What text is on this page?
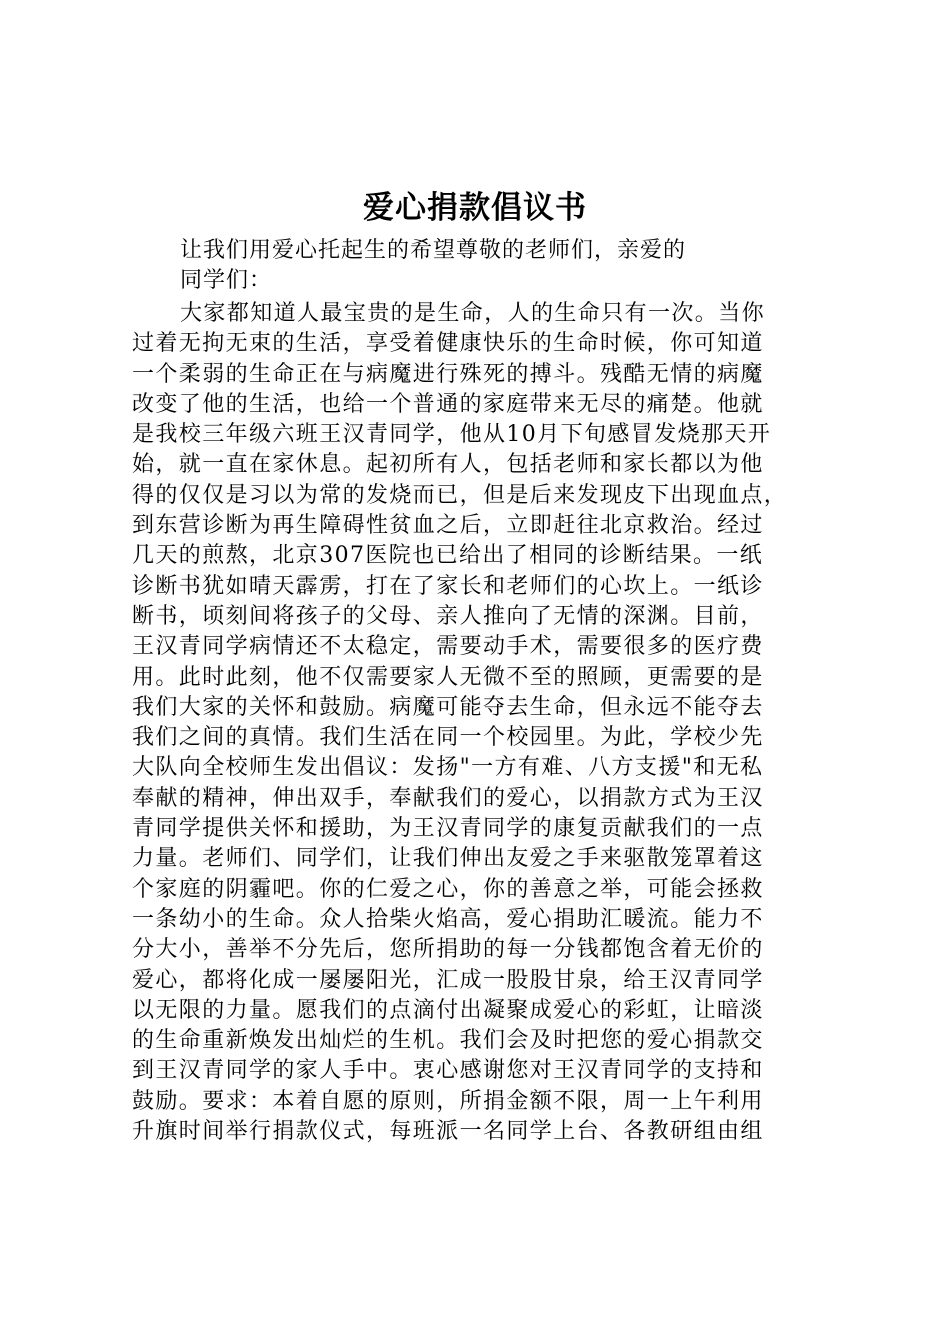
爱心捐款倡议书

让我们用爱心托起生的希望尊敬的老师们，亲爱的

同学们：

大家都知道人最宝贵的是生命，人的生命只有一次。当你

过着无拘无束的生活，享受着健康快乐的生命时候，你可知道

一个柔弱的生命正在与病魔进行殊死的搏斗。残酷无情的病魔

改变了他的生活，也给一个普通的家庭带来无尽的痛楚。他就

是我校三年级六班王汉青同学，他从10月下旬感冒发烧那天开

始，就一直在家休息。起初所有人，包括老师和家长都以为他

得的仅仅是习以为常的发烧而已，但是后来发现皮下出现血点，

到东营诊断为再生障碍性贫血之后，立即赶往北京救治。经过

几天的煎熬，北京307医院也已给出了相同的诊断结果。一纸

诊断书犹如晴天霹雳，打在了家长和老师们的心坎上。一纸诊

断书，顷刻间将孩子的父母、亲人推向了无情的深渊。目前，

王汉青同学病情还不太稳定，需要动手术，需要很多的医疗费

用。此时此刻，他不仅需要家人无微不至的照顾，更需要的是

我们大家的关怀和鼓励。病魔可能夺去生命，但永远不能夺去

我们之间的真情。我们生活在同一个校园里。为此，学校少先

大队向全校师生发出倡议：发扬"一方有难、八方支援"和无私

奉献的精神，伸出双手，奉献我们的爱心，以捐款方式为王汉

青同学提供关怀和援助，为王汉青同学的康复贡献我们的一点

力量。老师们、同学们，让我们伸出友爱之手来驱散笼罩着这

个家庭的阴霾吧。你的仁爱之心，你的善意之举，可能会拯救

一条幼小的生命。众人拾柴火焰高，爱心捐助汇暖流。能力不

分大小，善举不分先后，您所捐助的每一分钱都饱含着无价的

爱心，都将化成一屡屡阳光，汇成一股股甘泉，给王汉青同学

以无限的力量。愿我们的点滴付出凝聚成爱心的彩虹，让暗淡

的生命重新焕发出灿烂的生机。我们会及时把您的爱心捐款交

到王汉青同学的家人手中。衷心感谢您对王汉青同学的支持和

鼓励。要求：本着自愿的原则，所捐金额不限，周一上午利用

升旗时间举行捐款仪式，每班派一名同学上台、各教研组由组
